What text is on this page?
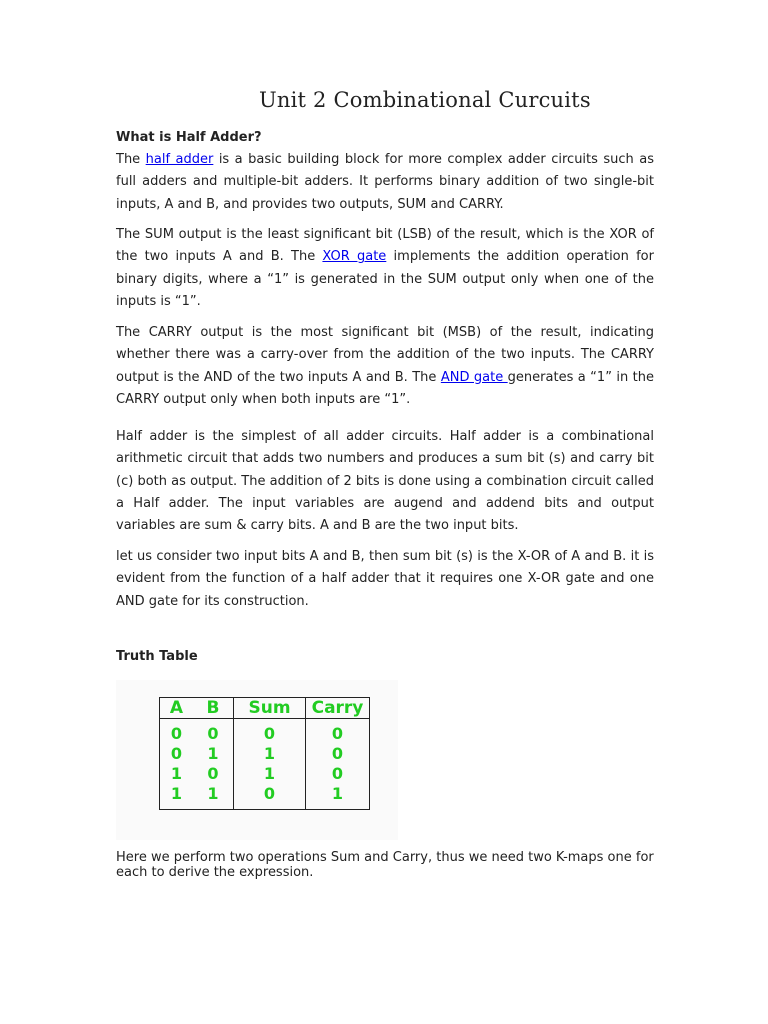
Unit 2 Combinational Curcuits

What is Half Adder?

The half adder is a basic building block for more complex adder circuits such as full adders and multiple-bit adders. It performs binary addition of two single-bit inputs, A and B, and provides two outputs, SUM and CARRY.

The SUM output is the least significant bit (LSB) of the result, which is the XOR of the two inputs A and B. The XOR gate implements the addition operation for binary digits, where a “1” is generated in the SUM output only when one of the inputs is “1”.

The CARRY output is the most significant bit (MSB) of the result, indicating whether there was a carry-over from the addition of the two inputs. The CARRY output is the AND of the two inputs A and B. The AND gate generates a “1” in the CARRY output only when both inputs are “1”.

Half adder is the simplest of all adder circuits. Half adder is a combinational arithmetic circuit that adds two numbers and produces a sum bit (s) and carry bit (c) both as output. The addition of 2 bits is done using a combination circuit called a Half adder. The input variables are augend and addend bits and output variables are sum & carry bits. A and B are the two input bits.

let us consider two input bits A and B, then sum bit (s) is the X-OR of A and B. it is evident from the function of a half adder that it requires one X-OR gate and one AND gate for its construction.

Truth Table

A	B	Sum	Carry
0	0	0	0
0	1	1	0
1	0	1	0
1	1	0	1

Here we perform two operations Sum and Carry, thus we need two K-maps one for each to derive the expression.
